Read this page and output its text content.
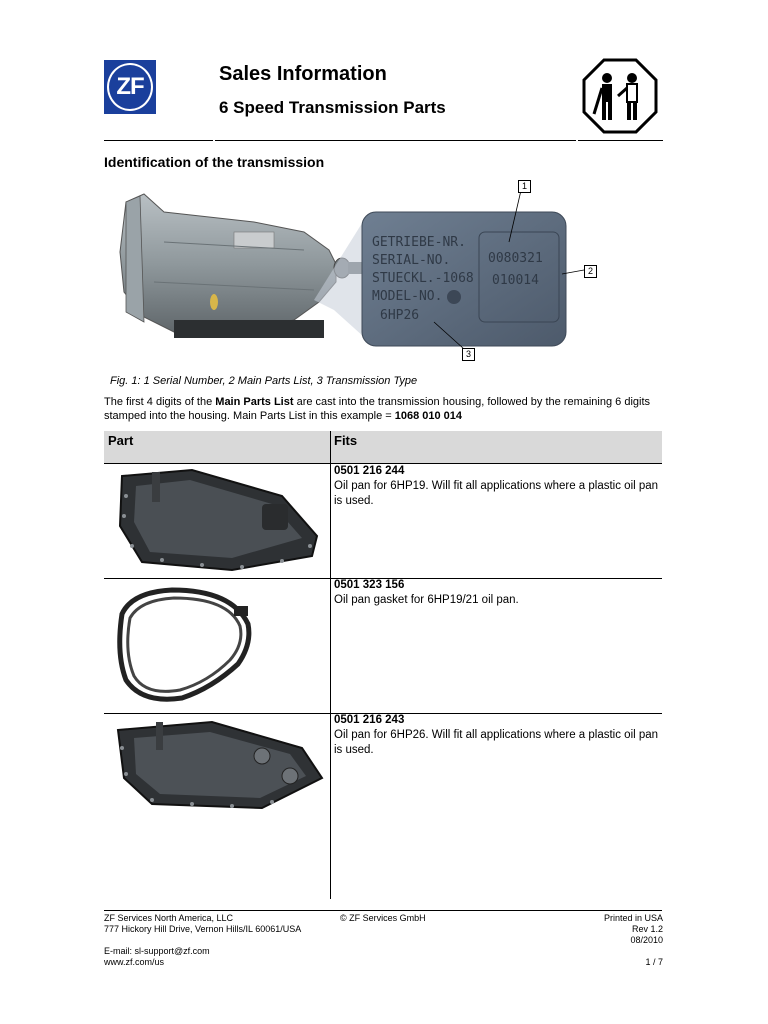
ZF	Sales Information
6 Speed Transmission Parts
Identification of the transmission
GETRIEBE-NR.
SERIAL-NO.
STUECKL.-1068
MODEL-NO.
6HP26
0080321
010014
1
2
3
Fig. 1: 1 Serial Number, 2 Main Parts List, 3 Transmission Type
The first 4 digits of the Main Parts List are cast into the transmission housing, followed by the remaining 6 digits stamped into the housing. Main Parts List in this example = 1068 010 014
Part	Fits
0501 216 244
Oil pan for 6HP19. Will fit all applications where a plastic oil pan is used.
0501 323 156
Oil pan gasket for 6HP19/21 oil pan.
0501 216 243
Oil pan for 6HP26. Will fit all applications where a plastic oil pan is used.
ZF Services North America, LLC
777 Hickory Hill Drive, Vernon Hills/IL 60061/USA
E-mail: sl-support@zf.com
www.zf.com/us
© ZF Services GmbH	Printed in USA
Rev 1.2
08/2010
1 / 7
